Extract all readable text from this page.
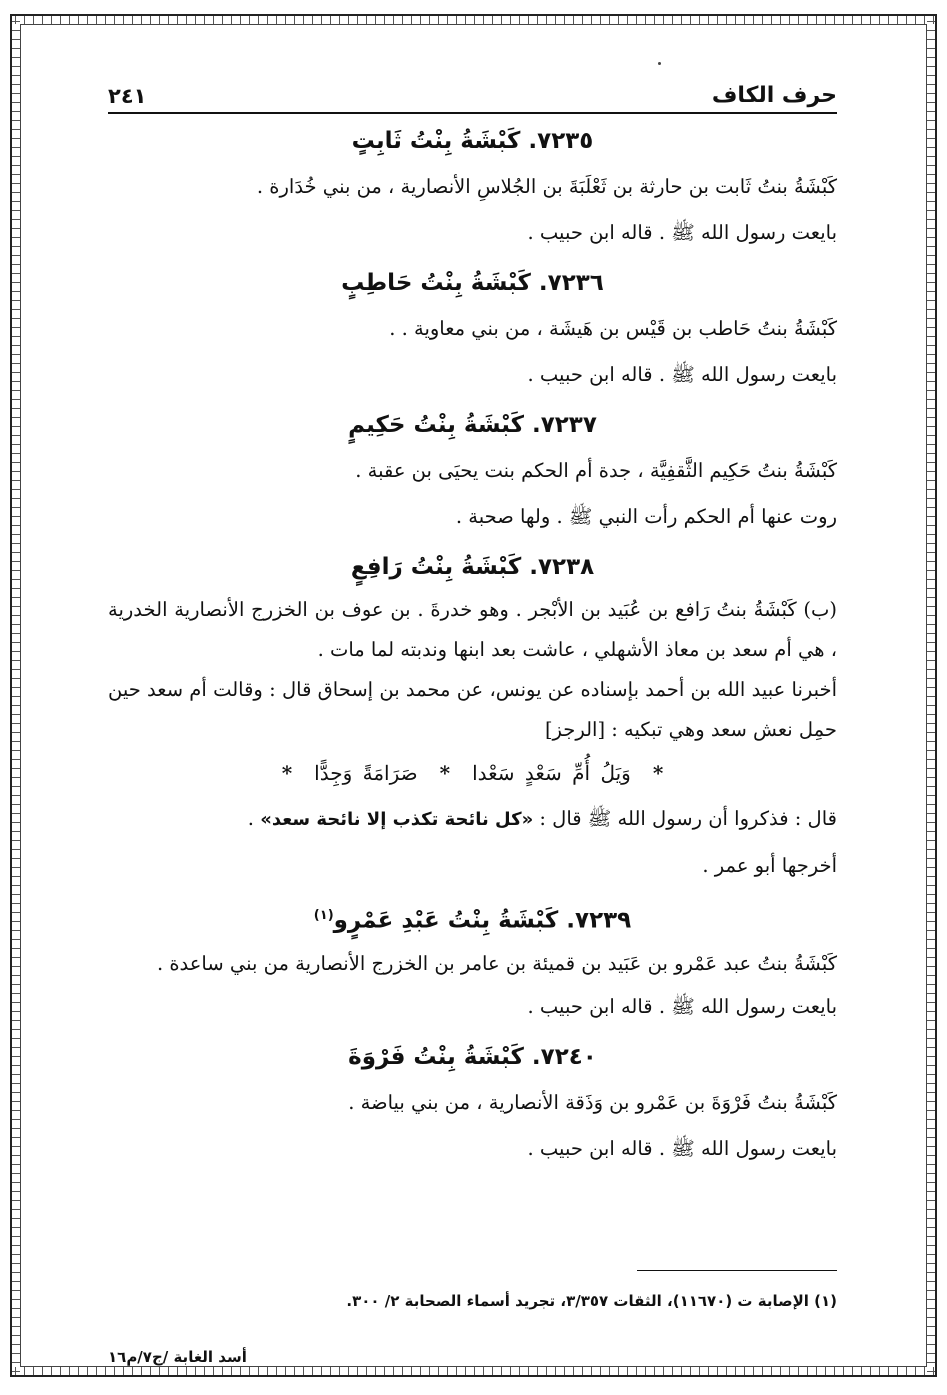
حرف الكاف
٢٤١
٧٢٣٥. كَبْشَةُ بِنْتُ ثَابِتٍ

كَبْشَةُ بنتُ ثَابت بن حارثة بن ثَعْلَبَةَ بن الجُلاسِ الأنصارية ، من بني خُدَارة .

بايعت رسول الله ﷺ . قاله ابن حبيب .

٧٢٣٦. كَبْشَةُ بِنْتُ حَاطِبٍ

كَبْشَةُ بنتُ حَاطب بن قَيْس بن هَيشَة ، من بني معاوية . .

بايعت رسول الله ﷺ . قاله ابن حبيب .

٧٢٣٧. كَبْشَةُ بِنْتُ حَكِيمٍ

كَبْشَةُ بنتُ حَكِيم الثَّقفِيَّة ، جدة أم الحكم بنت يحيَى بن عقبة .

روت عنها أم الحكم رأت النبي ﷺ . ولها صحبة .

٧٢٣٨. كَبْشَةُ بِنْتُ رَافِعٍ

(ب) كَبْشَةُ بنتُ رَافع بن عُبَيد بن الأبْجر . وهو خدرةَ . بن عوف بن الخزرج الأنصارية الخدرية ، هي أم سعد بن معاذ الأشهلي ، عاشت بعد ابنها وندبته لما مات .

أخبرنا عبيد الله بن أحمد بإسناده عن يونس، عن محمد بن إسحاق قال : وقالت أم سعد حين حمِل نعش سعد وهي تبكيه : [الرجز]

*وَيَلُ أُمِّ سَعْدٍ سَعْدا*صَرَامَةً وَجِدًّا*

قال : فذكروا أن رسول الله ﷺ قال : «كل نائحة تكذب إلا نائحة سعد» .

أخرجها أبو عمر .

٧٢٣٩. كَبْشَةُ بِنْتُ عَبْدِ عَمْرٍو$^{(١)}$

كَبْشَةُ بنتُ عبد عَمْرو بن عَبَيد بن قميئة بن عامر بن الخزرج الأنصارية من بني ساعدة .

بايعت رسول الله ﷺ . قاله ابن حبيب .

٧٢٤٠. كَبْشَةُ بِنْتُ فَرْوَةَ

كَبْشَةُ بنتُ فَرْوَةَ بن عَمْرو بن وَذَقة الأنصارية ، من بني بياضة .

بايعت رسول الله ﷺ . قاله ابن حبيب .

(١) الإصابة ت (١١٦٧٠)، الثقات ٣/٣٥٧، تجريد أسماء الصحابة ٢/ ٣٠٠.
أسد الغابة /ج٧/م١٦
